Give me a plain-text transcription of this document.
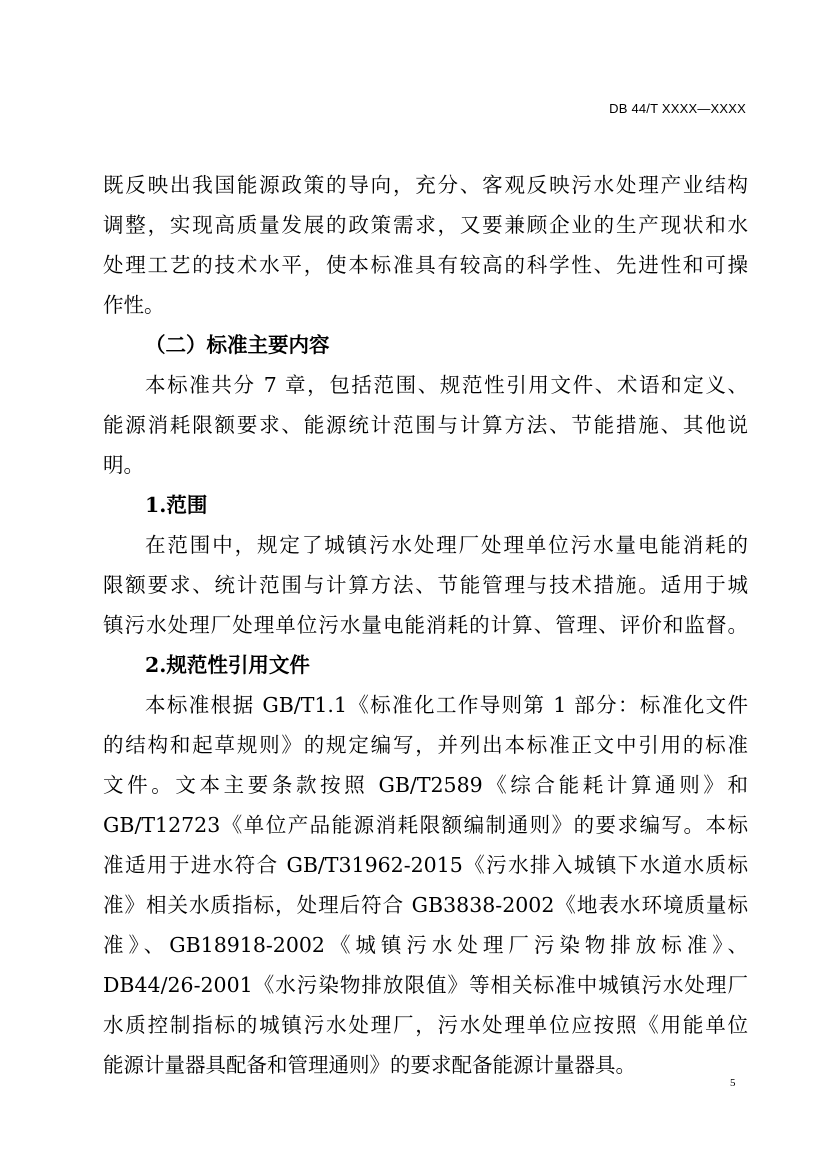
DB 44/T XXXX—XXXX
既反映出我国能源政策的导向，充分、客观反映污水处理产业结构
调整，实现高质量发展的政策需求，又要兼顾企业的生产现状和水
处理工艺的技术水平，使本标准具有较高的科学性、先进性和可操
作性。
（二）标准主要内容
本标准共分 7 章，包括范围、规范性引用文件、术语和定义、
能源消耗限额要求、能源统计范围与计算方法、节能措施、其他说
明。
1.范围
在范围中，规定了城镇污水处理厂处理单位污水量电能消耗的
限额要求、统计范围与计算方法、节能管理与技术措施。适用于城
镇污水处理厂处理单位污水量电能消耗的计算、管理、评价和监督。
2.规范性引用文件
本标准根据 GB/T1.1《标准化工作导则第 1 部分：标准化文件
的结构和起草规则》的规定编写，并列出本标准正文中引用的标准
文件。文本主要条款按照 GB/T2589《综合能耗计算通则》和
GB/T12723《单位产品能源消耗限额编制通则》的要求编写。本标
准适用于进水符合 GB/T31962-2015《污水排入城镇下水道水质标
准》相关水质指标，处理后符合 GB3838-2002《地表水环境质量标
准》、GB18918-2002《城镇污水处理厂污染物排放标准》、
DB44/26-2001《水污染物排放限值》等相关标准中城镇污水处理厂
水质控制指标的城镇污水处理厂，污水处理单位应按照《用能单位
能源计量器具配备和管理通则》的要求配备能源计量器具。
5
